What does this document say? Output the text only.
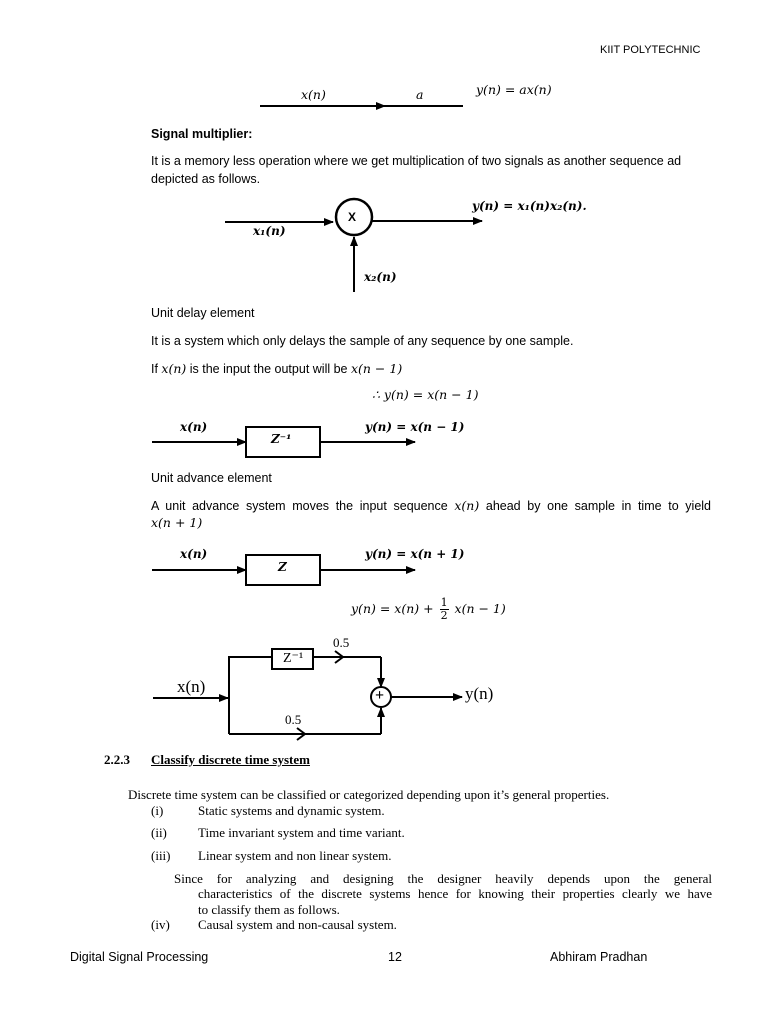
KIIT POLYTECHNIC
x(n)	a	y(n) = ax(n)
Signal multiplier:
It is a memory less operation where we get multiplication of two signals as another sequence ad depicted as follows.
X
x₁(n)
x₂(n)
y(n) = x₁(n)x₂(n).
Unit delay element
It is a system which only delays the sample of any sequence by one sample.
If x(n) is the input the output will be x(n − 1)
∴ y(n) = x(n − 1)
x(n)
Z⁻¹
y(n) = x(n − 1)
Unit advance element
A unit advance system moves the input sequence x(n) ahead by one sample in time to yield
x(n + 1)
x(n)
Z
y(n) = x(n + 1)
$y(n) = x(n) + \frac{1}{2} x(n - 1)$
x(n)
Z⁻¹
0.5
0.5
+	y(n)
2.2.3 Classify discrete time system
Discrete time system can be classified or categorized depending upon it’s general properties.
(i)	Static systems and dynamic system.
(ii) Time invariant system and time variant.
(iii) Linear system and non linear system.
Since for analyzing and designing the designer heavily depends upon the general
characteristics of the discrete systems hence for knowing their properties clearly we have
to classify them as follows.
(iv) Causal system and non-causal system.
Digital Signal Processing	12	Abhiram Pradhan
